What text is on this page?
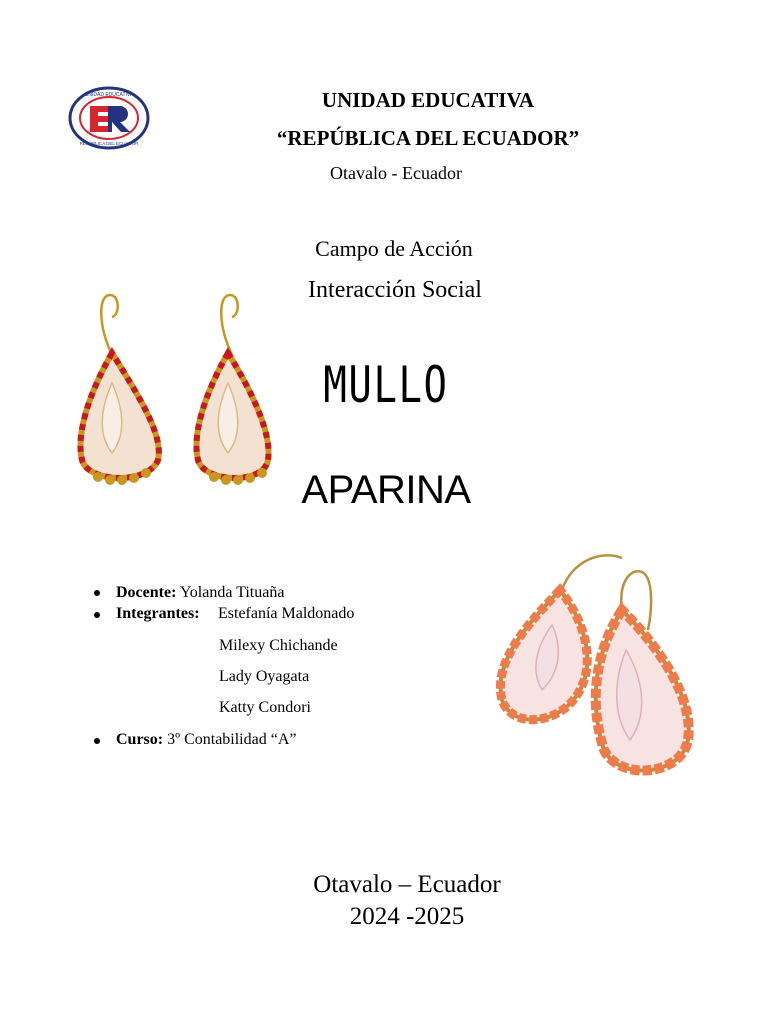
UNIDAD EDUCATIVA
REPÚBLICA DEL ECUADOR
UNIDAD EDUCATIVA
“REPÚBLICA DEL ECUADOR”
Otavalo - Ecuador
Campo de Acción
Interacción Social
MULLO
APARINA
Docente: Yolanda Tituaña
Integrantes: Estefanía Maldonado
Milexy Chichande
Lady Oyagata
Katty Condori
Curso: 3º Contabilidad “A”
Otavalo – Ecuador
2024 -2025
